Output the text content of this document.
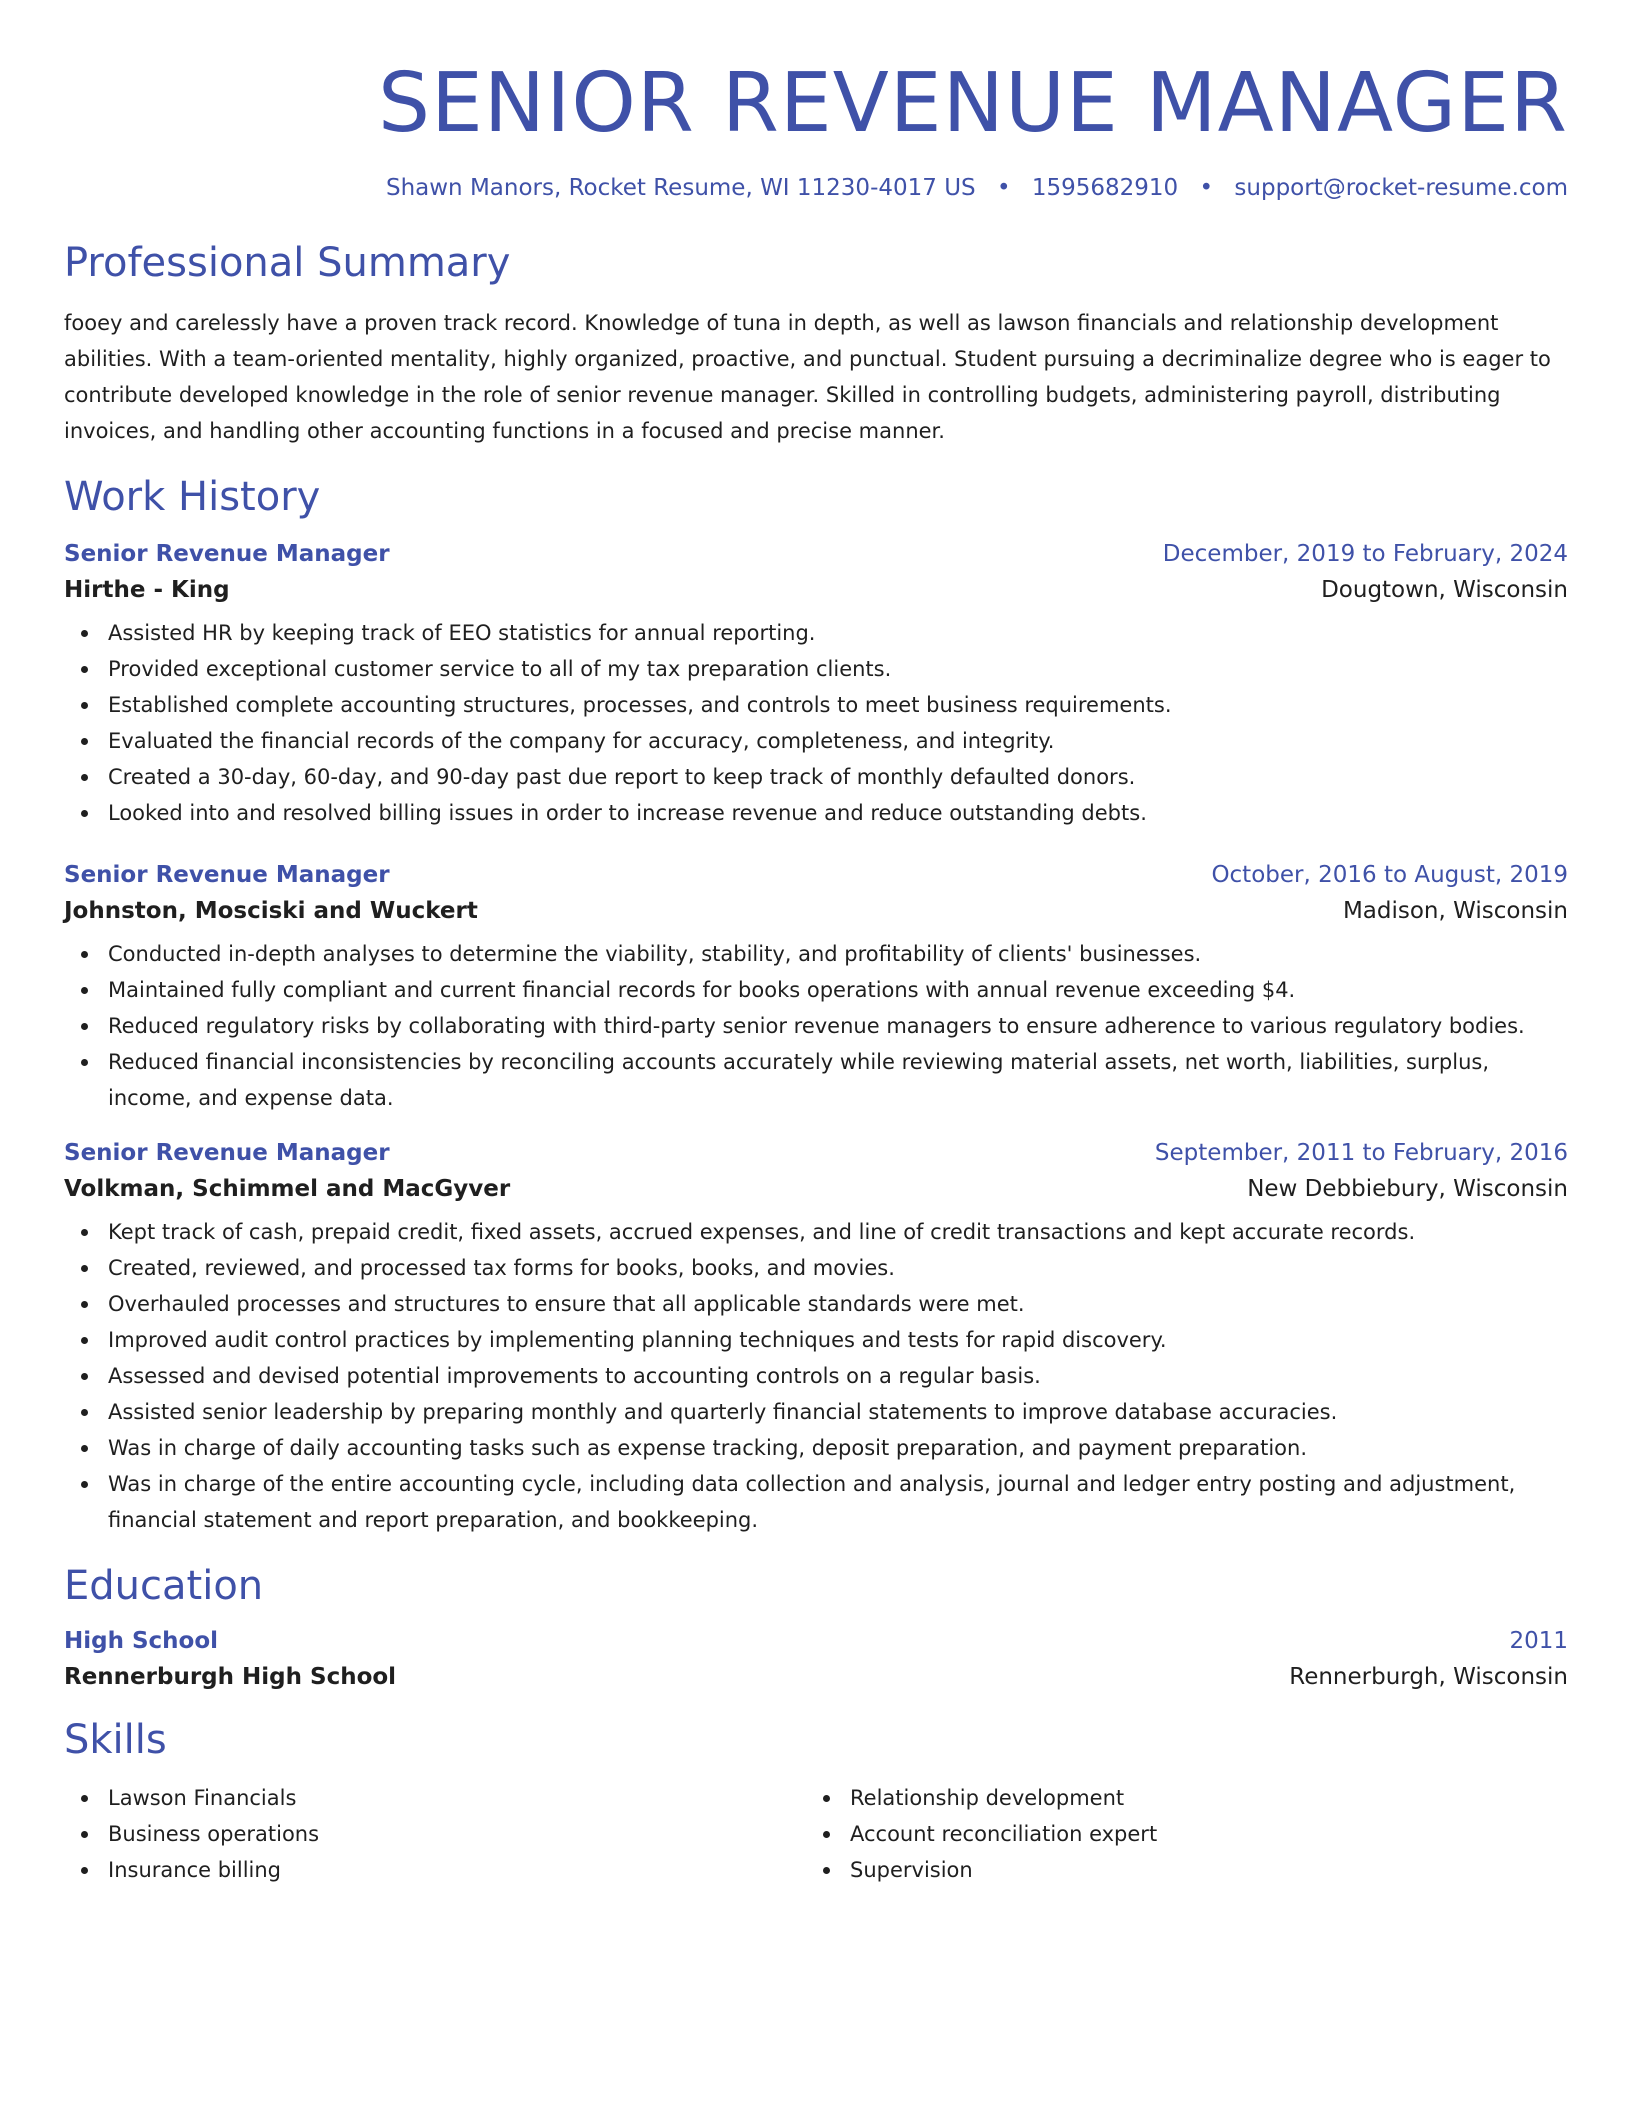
SENIOR REVENUE MANAGER
Shawn Manors, Rocket Resume, WI 11230-4017 US • 1595682910 • support@rocket-resume.com
Professional Summary
fooey and carelessly have a proven track record. Knowledge of tuna in depth, as well as lawson financials and relationship development abilities. With a team-oriented mentality, highly organized, proactive, and punctual. Student pursuing a decriminalize degree who is eager to contribute developed knowledge in the role of senior revenue manager. Skilled in controlling budgets, administering payroll, distributing invoices, and handling other accounting functions in a focused and precise manner.
Work History
Senior Revenue Manager	December, 2019 to February, 2024
Hirthe - King	Dougtown, Wisconsin
Assisted HR by keeping track of EEO statistics for annual reporting.
Provided exceptional customer service to all of my tax preparation clients.
Established complete accounting structures, processes, and controls to meet business requirements.
Evaluated the financial records of the company for accuracy, completeness, and integrity.
Created a 30-day, 60-day, and 90-day past due report to keep track of monthly defaulted donors.
Looked into and resolved billing issues in order to increase revenue and reduce outstanding debts.
Senior Revenue Manager	October, 2016 to August, 2019
Johnston, Mosciski and Wuckert	Madison, Wisconsin
Conducted in-depth analyses to determine the viability, stability, and profitability of clients' businesses.
Maintained fully compliant and current financial records for books operations with annual revenue exceeding $4.
Reduced regulatory risks by collaborating with third-party senior revenue managers to ensure adherence to various regulatory bodies.
Reduced financial inconsistencies by reconciling accounts accurately while reviewing material assets, net worth, liabilities, surplus, income, and expense data.
Senior Revenue Manager	September, 2011 to February, 2016
Volkman, Schimmel and MacGyver	New Debbiebury, Wisconsin
Kept track of cash, prepaid credit, fixed assets, accrued expenses, and line of credit transactions and kept accurate records.
Created, reviewed, and processed tax forms for books, books, and movies.
Overhauled processes and structures to ensure that all applicable standards were met.
Improved audit control practices by implementing planning techniques and tests for rapid discovery.
Assessed and devised potential improvements to accounting controls on a regular basis.
Assisted senior leadership by preparing monthly and quarterly financial statements to improve database accuracies.
Was in charge of daily accounting tasks such as expense tracking, deposit preparation, and payment preparation.
Was in charge of the entire accounting cycle, including data collection and analysis, journal and ledger entry posting and adjustment, financial statement and report preparation, and bookkeeping.
Education
High School	2011
Rennerburgh High School	Rennerburgh, Wisconsin
Skills
Lawson Financials
Business operations
Insurance billing
Relationship development
Account reconciliation expert
Supervision
